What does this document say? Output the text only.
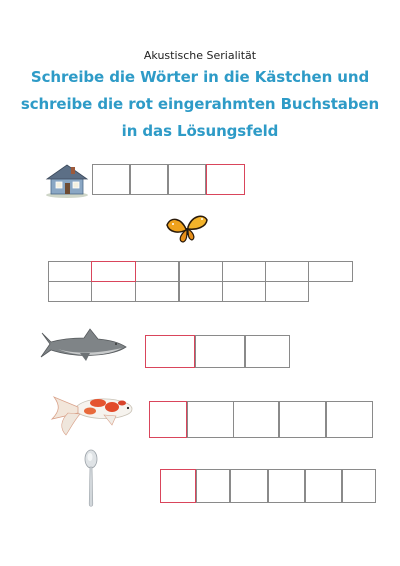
Akustische Serialität
Schreibe die Wörter in die Kästchen und
schreibe die rot eingerahmten Buchstaben
in das Lösungsfeld
